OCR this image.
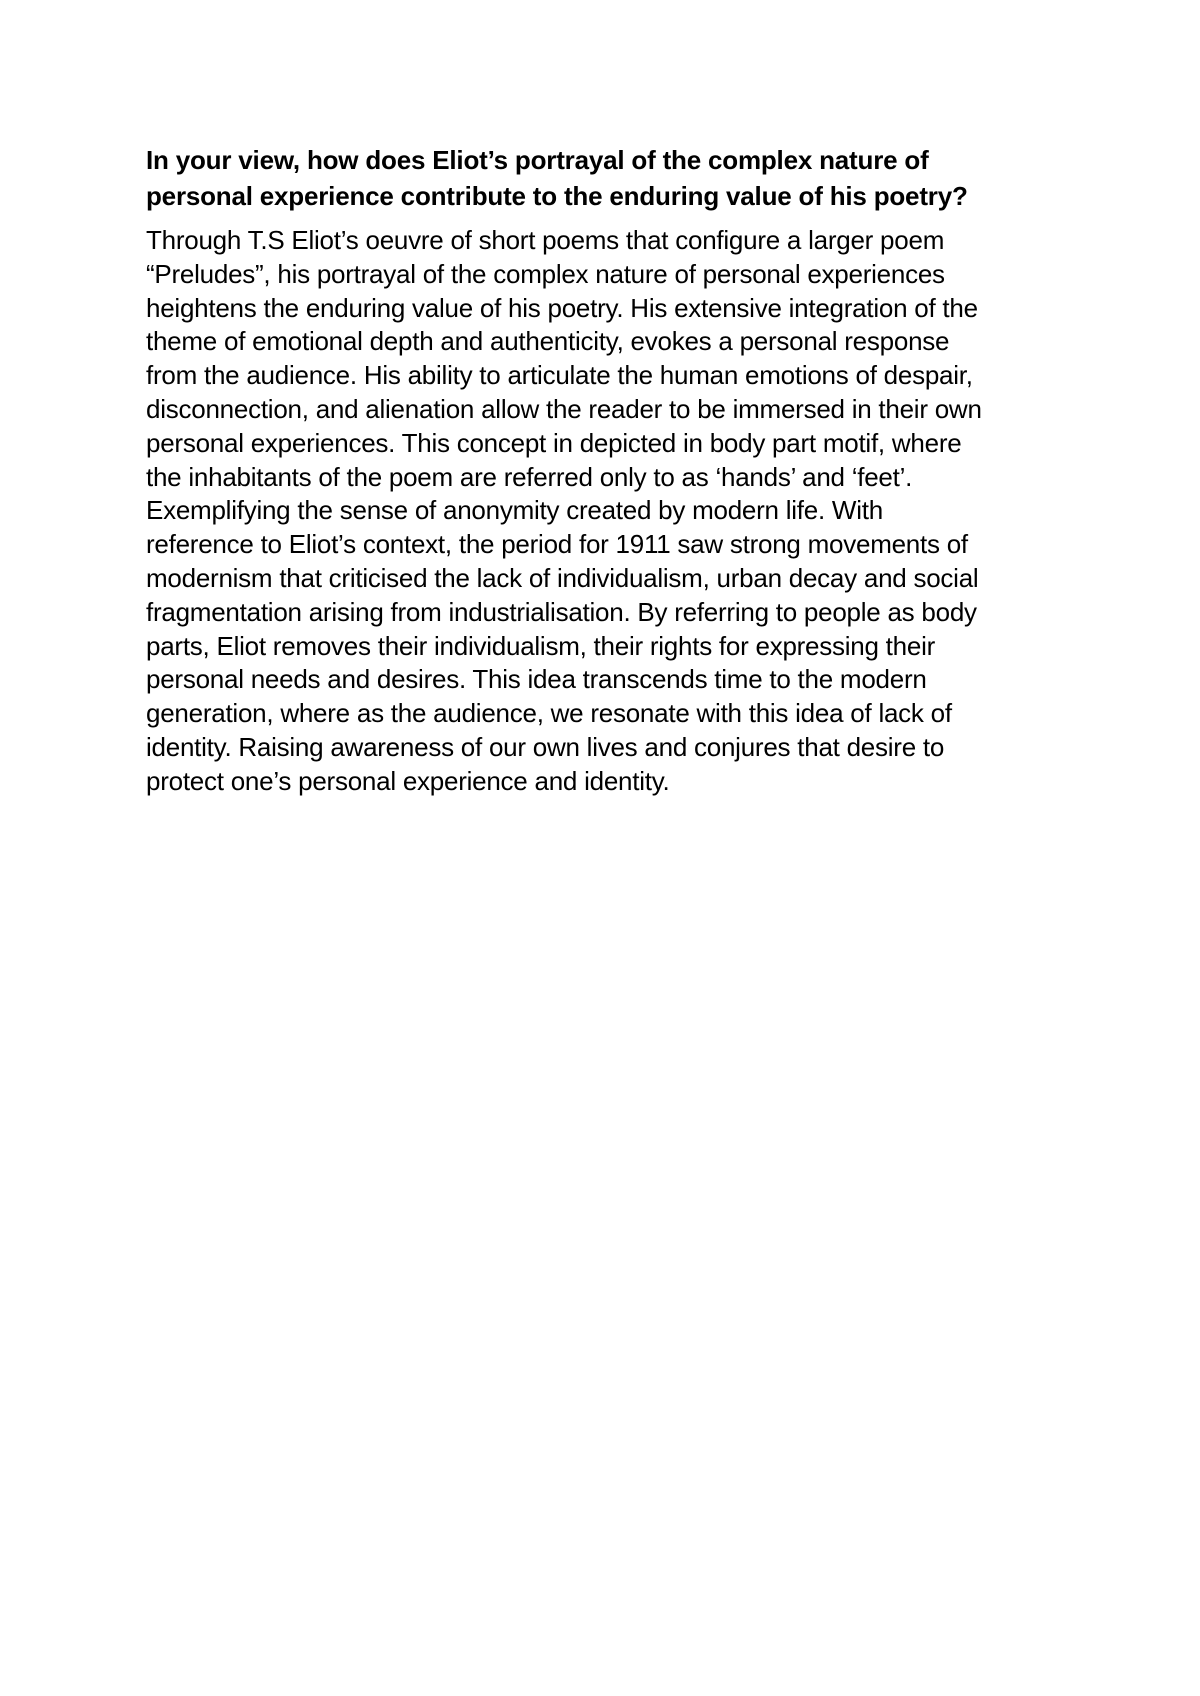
In your view, how does Eliot’s portrayal of the complex nature of
personal experience contribute to the enduring value of his poetry?

Through T.S Eliot’s oeuvre of short poems that configure a larger poem
“Preludes”, his portrayal of the complex nature of personal experiences
heightens the enduring value of his poetry. His extensive integration of the
theme of emotional depth and authenticity, evokes a personal response
from the audience. His ability to articulate the human emotions of despair,
disconnection, and alienation allow the reader to be immersed in their own
personal experiences. This concept in depicted in body part motif, where
the inhabitants of the poem are referred only to as ‘hands’ and ‘feet’.
Exemplifying the sense of anonymity created by modern life. With
reference to Eliot’s context, the period for 1911 saw strong movements of
modernism that criticised the lack of individualism, urban decay and social
fragmentation arising from industrialisation. By referring to people as body
parts, Eliot removes their individualism, their rights for expressing their
personal needs and desires. This idea transcends time to the modern
generation, where as the audience, we resonate with this idea of lack of
identity. Raising awareness of our own lives and conjures that desire to
protect one’s personal experience and identity.
